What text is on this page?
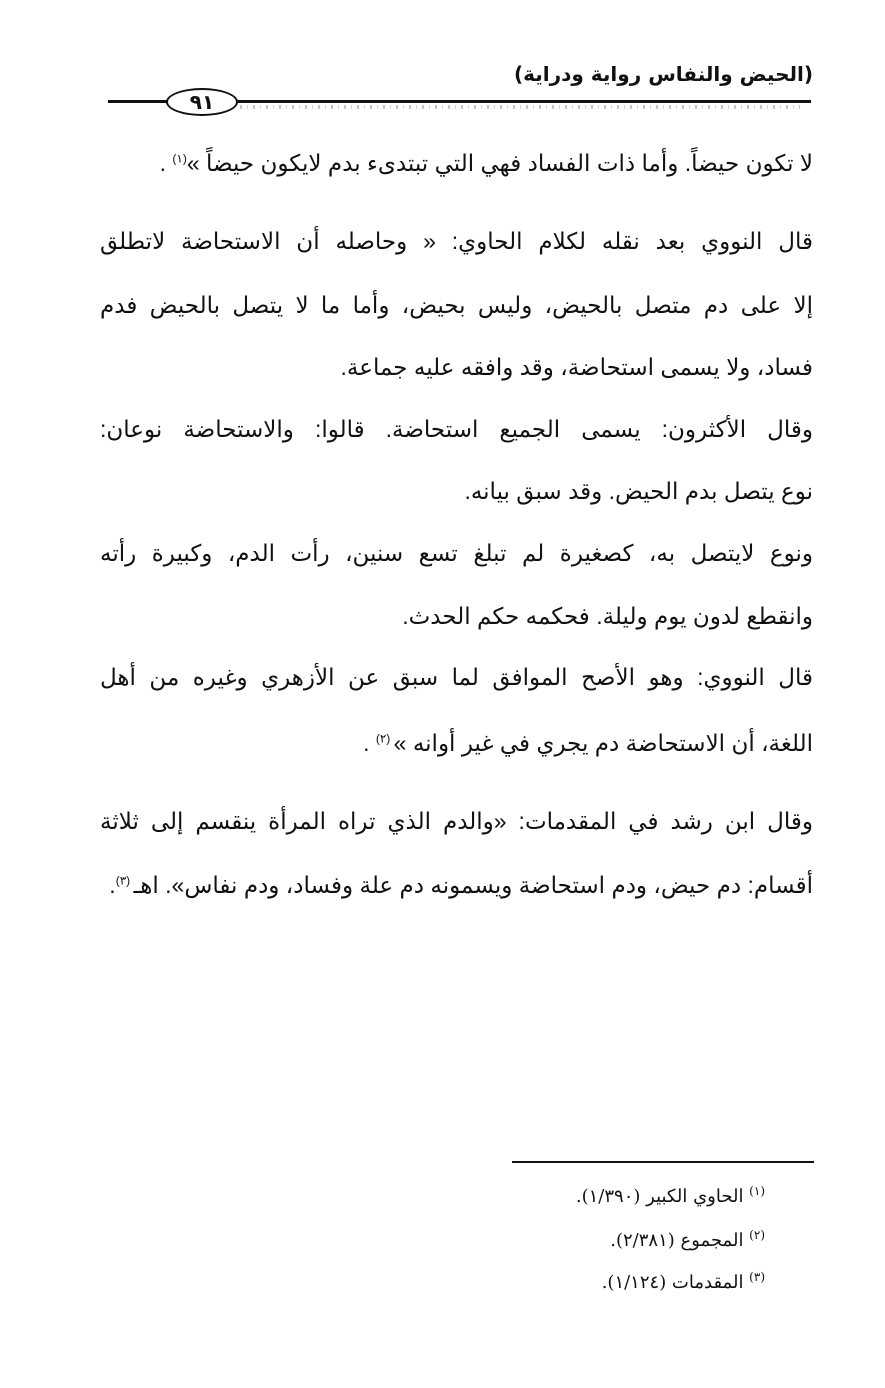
(الحيض والنفاس رواية ودراية)
٩١
لا تكون حيضاً. وأما ذات الفساد فهي التي تبتدىء بدم لايكون حيضاً »$^{(١)}$ .
قال النووي بعد نقله لكلام الحاوي: « وحاصله أن الاستحاضة لاتطلق
إلا على دم متصل بالحيض، وليس بحيض، وأما ما لا يتصل بالحيض فدم
فساد، ولا يسمى استحاضة، وقد وافقه عليه جماعة.
وقال الأكثرون: يسمى الجميع استحاضة. قالوا: والاستحاضة نوعان:
نوع يتصل بدم الحيض. وقد سبق بيانه.
ونوع لايتصل به، كصغيرة لم تبلغ تسع سنين، رأت الدم، وكبيرة رأته
وانقطع لدون يوم وليلة. فحكمه حكم الحدث.
قال النووي: وهو الأصح الموافق لما سبق عن الأزهري وغيره من أهل
اللغة، أن الاستحاضة دم يجري في غير أوانه » $^{(٢)}$ .
وقال ابن رشد في المقدمات: «والدم الذي تراه المرأة ينقسم إلى ثلاثة
أقسام: دم حيض، ودم استحاضة ويسمونه دم علة وفساد، ودم نفاس». اهـ $^{(٣)}$.
$^{(١)}$ الحاوي الكبير (١/٣٩٠).
$^{(٢)}$ المجموع (٢/٣٨١).
$^{(٣)}$ المقدمات (١/١٢٤).
